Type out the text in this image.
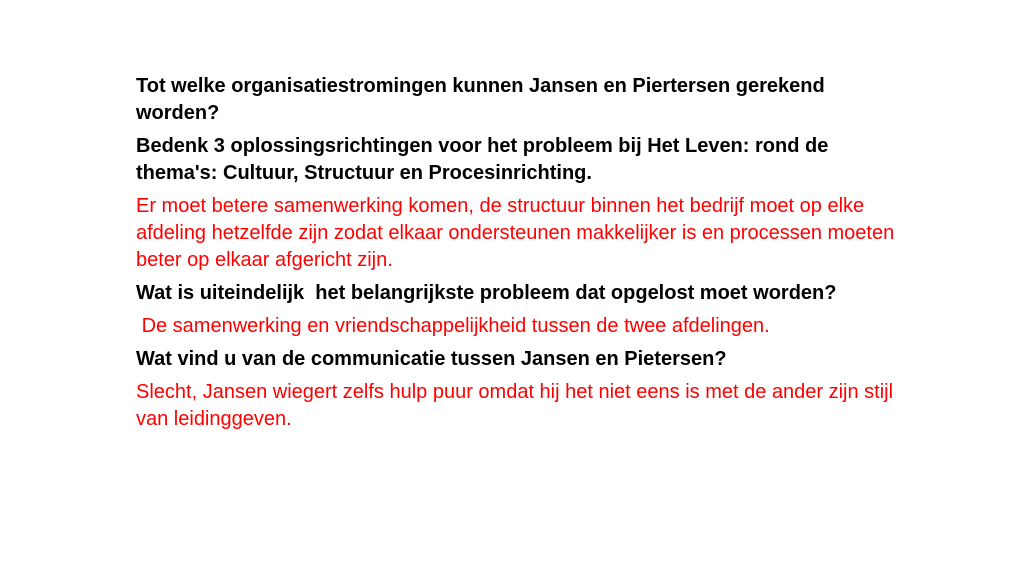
Tot welke organisatiestromingen kunnen Jansen en Piertersen gerekend worden?

Bedenk 3 oplossingsrichtingen voor het probleem bij Het Leven: rond de thema's: Cultuur, Structuur en Procesinrichting.

Er moet betere samenwerking komen, de structuur binnen het bedrijf moet op elke afdeling hetzelfde zijn zodat elkaar ondersteunen makkelijker is en processen moeten beter op elkaar afgericht zijn.

Wat is uiteindelijk  het belangrijkste probleem dat opgelost moet worden?

De samenwerking en vriendschappelijkheid tussen de twee afdelingen.

Wat vind u van de communicatie tussen Jansen en Pietersen?

Slecht, Jansen wiegert zelfs hulp puur omdat hij het niet eens is met de ander zijn stijl van leidinggeven.
